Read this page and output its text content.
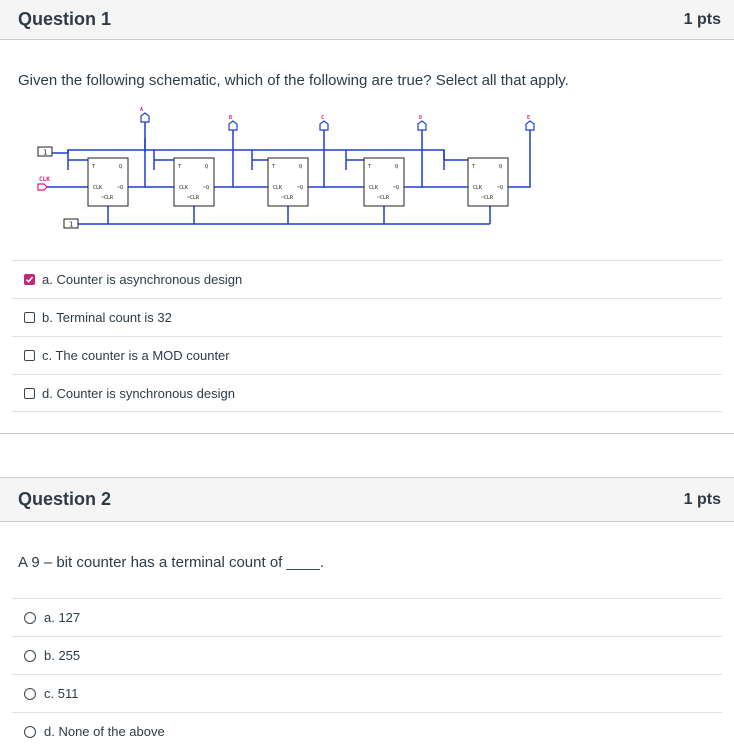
Question 1	1 pts
Given the following schematic, which of the following are true? Select all that apply.
1
1
CLK
T	Q
CLK	~Q
~CLR
T	Q
CLK	~Q
~CLR
T	Q
CLK	~Q
~CLR
T	Q
CLK	~Q
~CLR
T	Q
CLK	~Q
~CLR
A
B	C	D	E
a. Counter is asynchronous design
b. Terminal count is 32
c. The counter is a MOD counter
d. Counter is synchronous design
Question 2	1 pts
A 9 – bit counter has a terminal count of ____.
a. 127
b. 255
c. 511
d. None of the above
